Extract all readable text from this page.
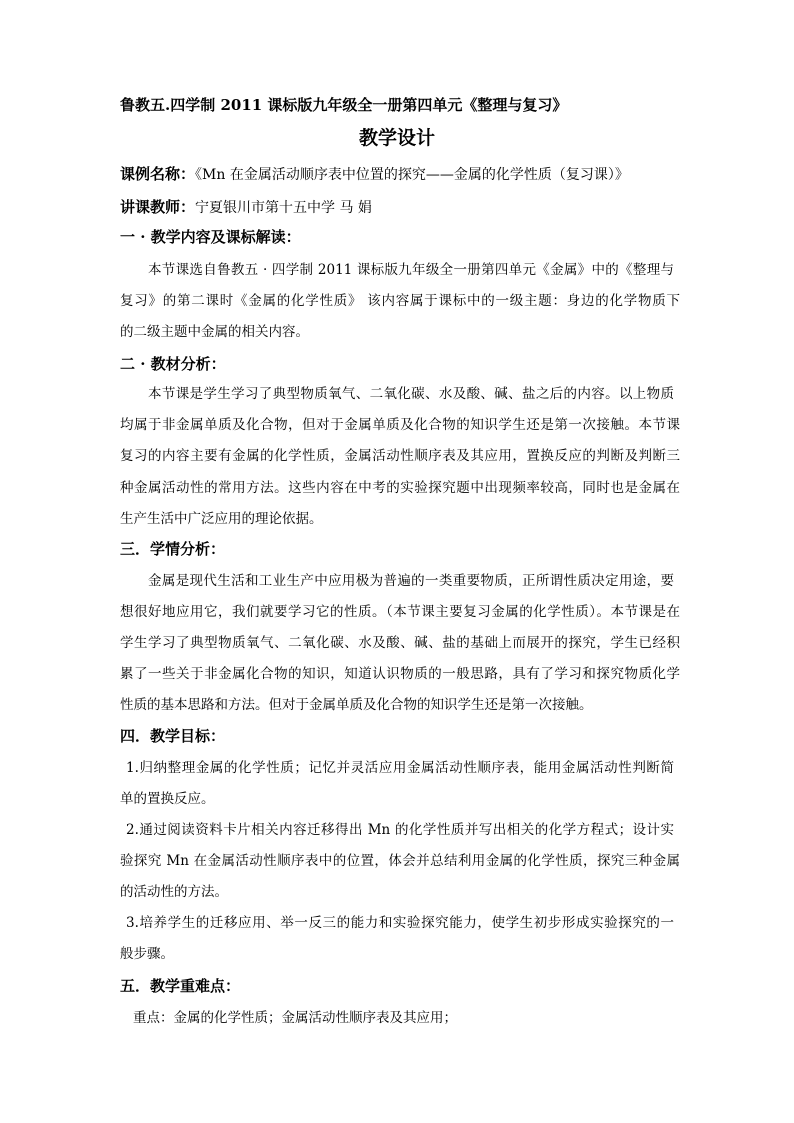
鲁教五.四学制 2011 课标版九年级全一册第四单元《整理与复习》
教学设计
课例名称：《Mn 在金属活动顺序表中位置的探究——金属的化学性质（复习课）》
讲课教师：宁夏银川市第十五中学 马 娟
一 · 教学内容及课标解读：
本节课选自鲁教五 · 四学制 2011 课标版九年级全一册第四单元《金属》中的《整理与
复习》的第二课时《金属的化学性质》 该内容属于课标中的一级主题：身边的化学物质下
的二级主题中金属的相关内容。
二 · 教材分析：
本节课是学生学习了典型物质氧气、二氧化碳、水及酸、碱、盐之后的内容。以上物质
均属于非金属单质及化合物，但对于金属单质及化合物的知识学生还是第一次接触。本节课
复习的内容主要有金属的化学性质，金属活动性顺序表及其应用，置换反应的判断及判断三
种金属活动性的常用方法。这些内容在中考的实验探究题中出现频率较高，同时也是金属在
生产生活中广泛应用的理论依据。
三．学情分析：
金属是现代生活和工业生产中应用极为普遍的一类重要物质，正所谓性质决定用途，要
想很好地应用它，我们就要学习它的性质。（本节课主要复习金属的化学性质）。本节课是在
学生学习了典型物质氧气、二氧化碳、水及酸、碱、盐的基础上而展开的探究，学生已经积
累了一些关于非金属化合物的知识，知道认识物质的一般思路，具有了学习和探究物质化学
性质的基本思路和方法。但对于金属单质及化合物的知识学生还是第一次接触。
四．教学目标：
1.归纳整理金属的化学性质；记忆并灵活应用金属活动性顺序表，能用金属活动性判断简
单的置换反应。
2.通过阅读资料卡片相关内容迁移得出 Mn 的化学性质并写出相关的化学方程式；设计实
验探究 Mn 在金属活动性顺序表中的位置，体会并总结利用金属的化学性质，探究三种金属
的活动性的方法。
3.培养学生的迁移应用、举一反三的能力和实验探究能力，使学生初步形成实验探究的一
般步骤。
五．教学重难点：
重点：金属的化学性质；金属活动性顺序表及其应用；
